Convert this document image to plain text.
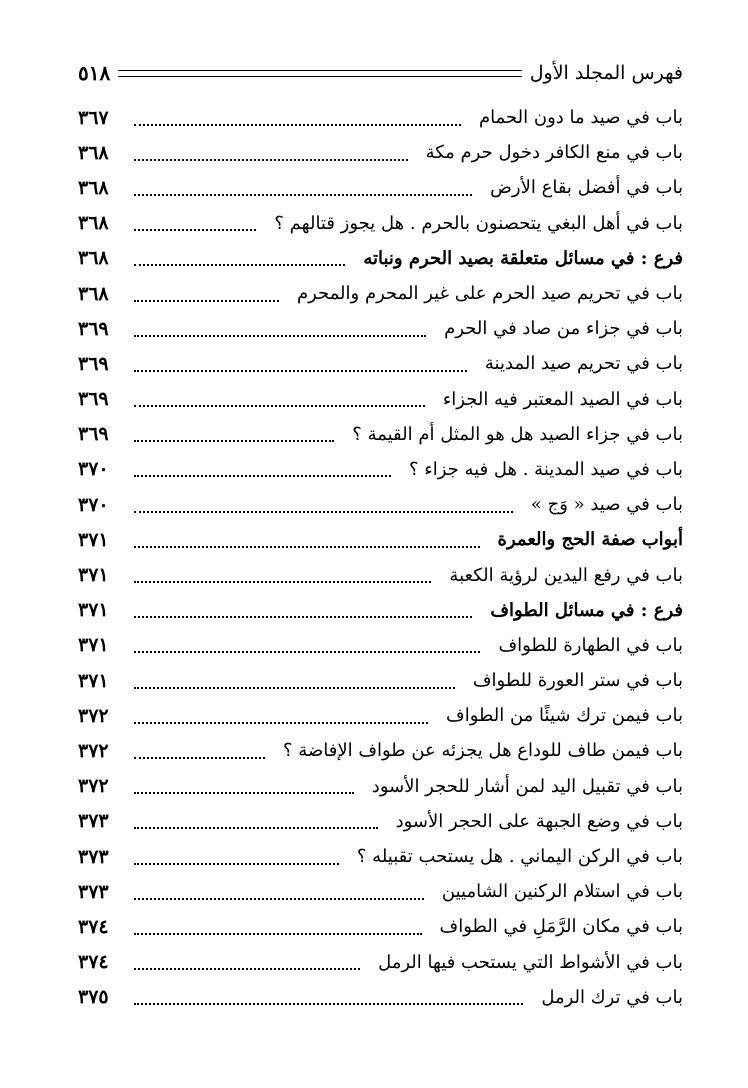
فهرس المجلد الأول
٥١٨
باب في صيد ما دون الحمام
٣٦٧
باب في منع الكافر دخول حرم مكة
٣٦٨
باب في أفضل بقاع الأرض
٣٦٨
باب في أهل البغي يتحصنون بالحرم . هل يجوز قتالهم ؟
٣٦٨
فرع : في مسائل متعلقة بصيد الحرم ونباته
٣٦٨
باب في تحريم صيد الحرم على غير المحرم والمحرم
٣٦٨
باب في جزاء من صاد في الحرم
٣٦٩
باب في تحريم صيد المدينة
٣٦٩
باب في الصيد المعتبر فيه الجزاء
٣٦٩
باب في جزاء الصيد هل هو المثل أم القيمة ؟
٣٦٩
باب في صيد المدينة . هل فيه جزاء ؟
٣٧٠
باب في صيد « وَج »
٣٧٠
أبواب صفة الحج والعمرة
٣٧١
باب في رفع اليدين لرؤية الكعبة
٣٧١
فرع : في مسائل الطواف
٣٧١
باب في الطهارة للطواف
٣٧١
باب في ستر العورة للطواف
٣٧١
باب فيمن ترك شيئًا من الطواف
٣٧٢
باب فيمن طاف للوداع هل يجزئه عن طواف الإفاضة ؟
٣٧٢
باب في تقبيل اليد لمن أشار للحجر الأسود
٣٧٢
باب في وضع الجبهة على الحجر الأسود
٣٧٣
باب في الركن اليماني . هل يستحب تقبيله ؟
٣٧٣
باب في استلام الركنين الشاميين
٣٧٣
باب في مكان الرَّمَلِ في الطواف
٣٧٤
باب في الأشواط التي يستحب فيها الرمل
٣٧٤
باب في ترك الرمل
٣٧٥
